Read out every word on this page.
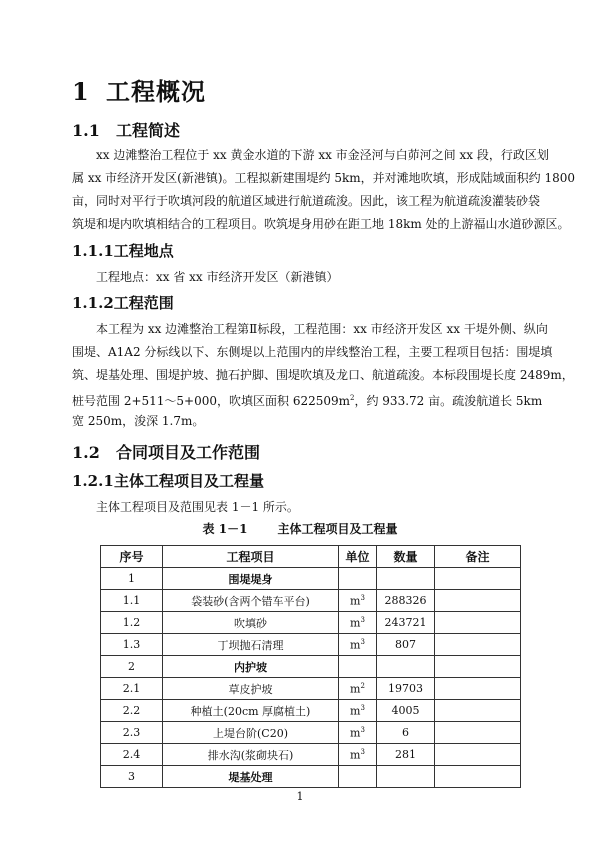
1 工程概况
1.1 工程简述
xx 边滩整治工程位于 xx 黄金水道的下游 xx 市金泾河与白茆河之间 xx 段，行政区划
属 xx 市经济开发区(新港镇)。工程拟新建围堤约 5km，并对滩地吹填，形成陆域面积约 1800
亩，同时对平行于吹填河段的航道区域进行航道疏浚。因此，该工程为航道疏浚灌装砂袋
筑堤和堤内吹填相结合的工程项目。吹筑堤身用砂在距工地 18km 处的上游福山水道砂源区。
1.1.1工程地点
工程地点：xx 省 xx 市经济开发区（新港镇）
1.1.2工程范围
本工程为 xx 边滩整治工程第Ⅱ标段，工程范围：xx 市经济开发区 xx 干堤外侧、纵向
围堤、A1A2 分标线以下、东侧堤以上范围内的岸线整治工程，主要工程项目包括：围堤填
筑、堤基处理、围堤护坡、抛石护脚、围堤吹填及龙口、航道疏浚。本标段围堤长度 2489m，
桩号范围 2+511～5+000，吹填区面积 $622509m^2$，约 933.72 亩。疏浚航道长 5km
宽 250m，浚深 1.7m。
1.2 合同项目及工作范围
1.2.1主体工程项目及工程量
主体工程项目及范围见表 1－1 所示。
表 1－1	主体工程项目及工程量
序号	工程项目	单位	数量	备注
1	围堤堤身			
1.1	袋装砂(含两个错车平台)	$m^3$	288326	
1.2	吹填砂	$m^3$	243721	
1.3	丁坝抛石清理	$m^3$	807	
2	内护坡			
2.1	草皮护坡	$m^2$	19703	
2.2	种植土(20cm 厚腐植土)	$m^3$	4005	
2.3	上堤台阶(C20)	$m^3$	6	
2.4	排水沟(浆砌块石)	$m^3$	281	
3	堤基处理			
1
